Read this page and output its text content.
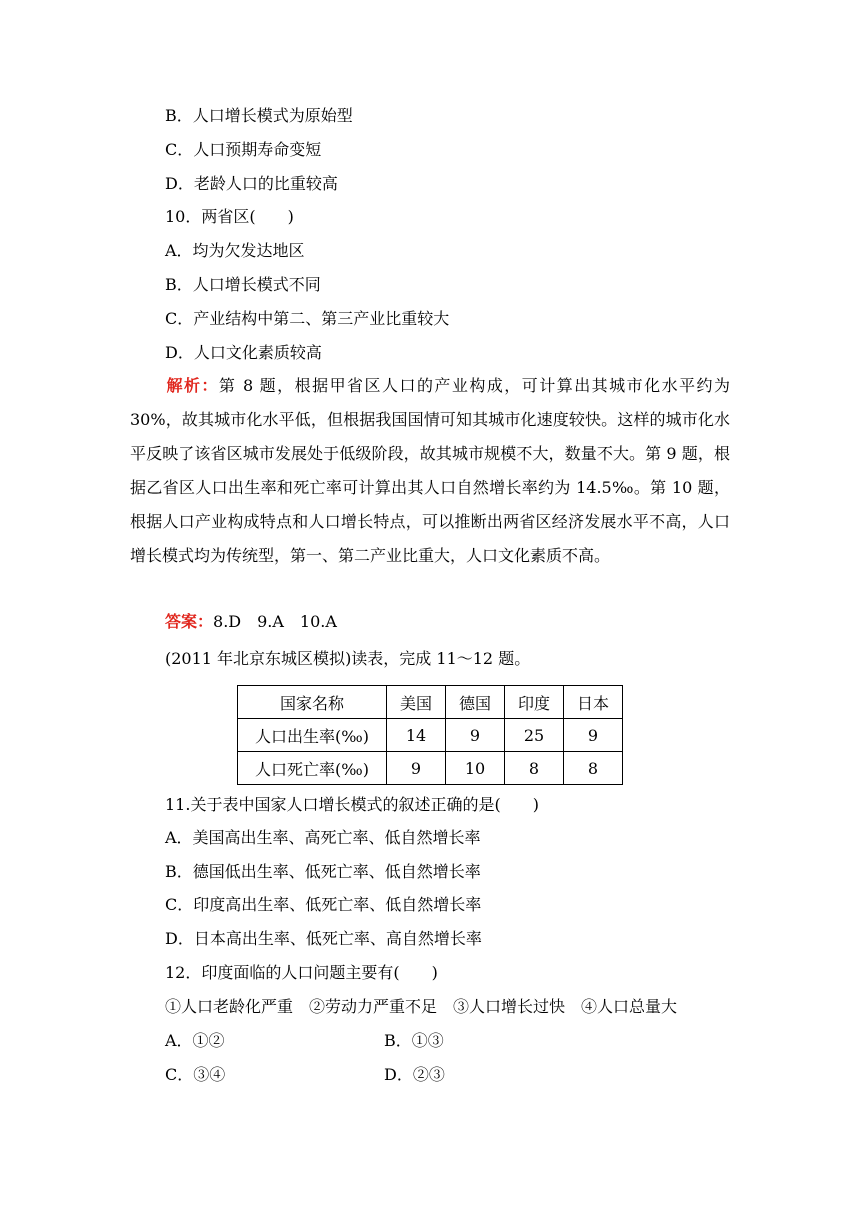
B．人口增长模式为原始型
C．人口预期寿命变短
D．老龄人口的比重较高
10．两省区(　　)
A．均为欠发达地区
B．人口增长模式不同
C．产业结构中第二、第三产业比重较大
D．人口文化素质较高
解析：第 8 题，根据甲省区人口的产业构成，可计算出其城市化水平约为 30%，故其城市化水平低，但根据我国国情可知其城市化速度较快。这样的城市化水平反映了该省区城市发展处于低级阶段，故其城市规模不大，数量不大。第 9 题，根据乙省区人口出生率和死亡率可计算出其人口自然增长率约为 14.5‰。第 10 题，根据人口产业构成特点和人口增长特点，可以推断出两省区经济发展水平不高，人口增长模式均为传统型，第一、第二产业比重大，人口文化素质不高。
答案：8.D　9.A　10.A
(2011 年北京东城区模拟)读表，完成 11～12 题。
国家名称	美国	德国	印度	日本
人口出生率(‰)	14	9	25	9
人口死亡率(‰)	9	10	8	8
11.关于表中国家人口增长模式的叙述正确的是(　　)
A．美国高出生率、高死亡率、低自然增长率
B．德国低出生率、低死亡率、低自然增长率
C．印度高出生率、低死亡率、低自然增长率
D．日本高出生率、低死亡率、高自然增长率
12．印度面临的人口问题主要有(　　)
①人口老龄化严重　②劳动力严重不足　③人口增长过快　④人口总量大
A．①②	B．①③
C．③④	D．②③
